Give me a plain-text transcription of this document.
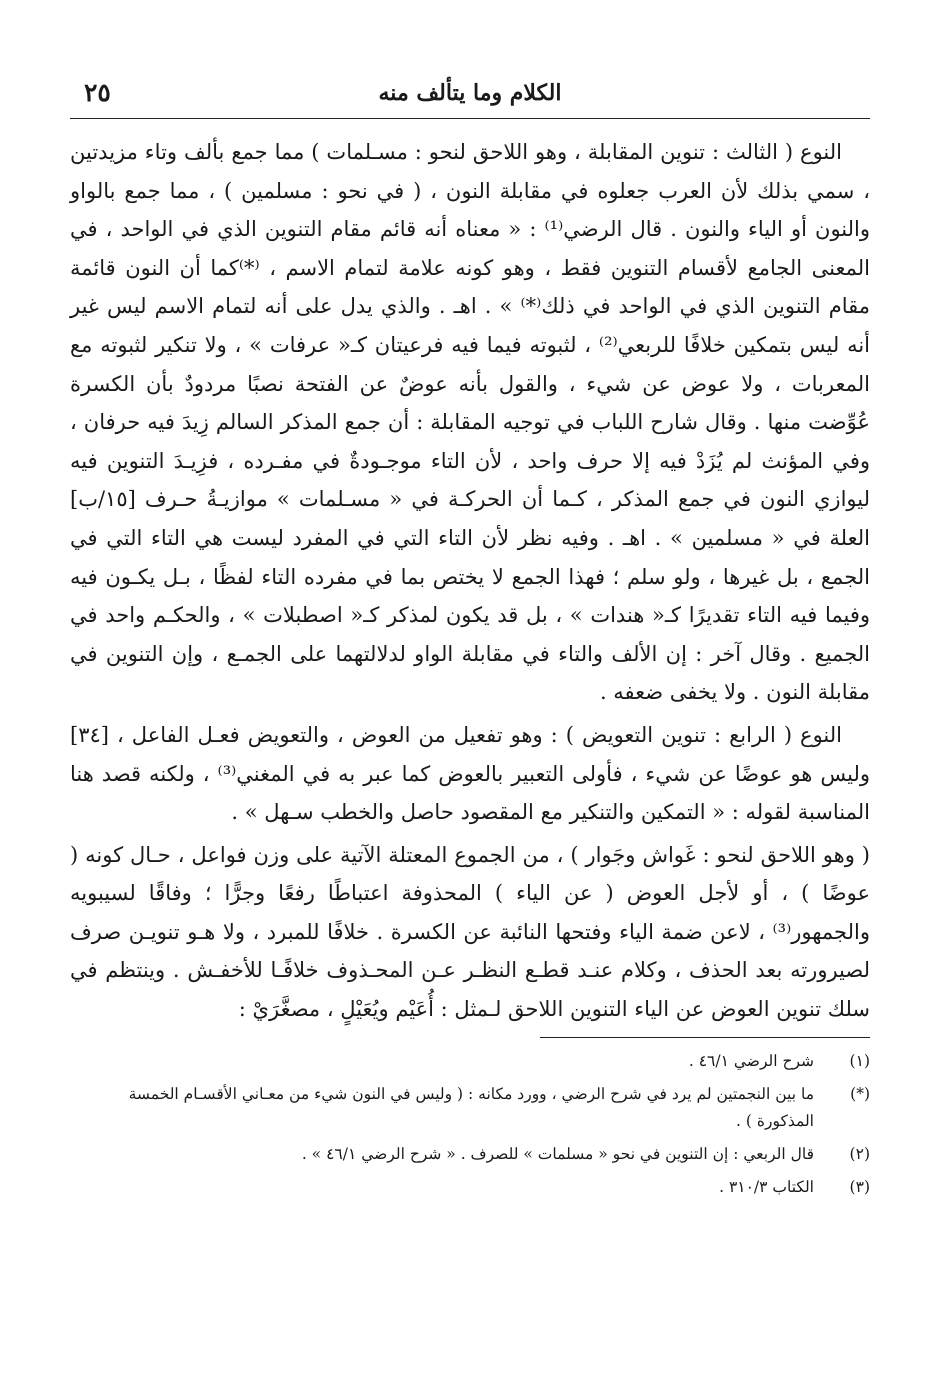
الكلام وما يتألف منه
٢٥

النوع ( الثالث : تنوين المقابلة ، وهو اللاحق لنحو : مسـلمات ) مما جمع بألف وتاء مزيدتين ، سمي بذلك لأن العرب جعلوه في مقابلة النون ، ( في نحو : مسلمين ) ، مما جمع بالواو والنون أو الياء والنون . قال الرضي⁽¹⁾ : « معناه أنه قائم مقام التنوين الذي في الواحد ، في المعنى الجامع لأقسام التنوين فقط ، وهو كونه علامة لتمام الاسم ، ⁽*⁾كما أن النون قائمة مقام التنوين الذي في الواحد في ذلك⁽*⁾ » . اهـ . والذي يدل على أنه لتمام الاسم ليس غير أنه ليس بتمكين خلافًا للربعي⁽²⁾ ، لثبوته فيما فيه فرعيتان كـ« عرفات » ، ولا تنكير لثبوته مع المعربات ، ولا عوض عن شيء ، والقول بأنه عوضٌ عن الفتحة نصبًا مردودٌ بأن الكسرة عُوِّضت منها . وقال شارح اللباب في توجيه المقابلة : أن جمع المذكر السالم زِيدَ فيه حرفان ، وفي المؤنث لم يُزَدْ فيه إلا حرف واحد ، لأن التاء موجـودةٌ في مفـرده ، فزِيـدَ التنوين فيه ليوازي النون في جمع المذكر ، كـما أن الحركـة في « مسـلمات » موازيـةُ حـرف [١٥/ب] العلة في « مسلمين » . اهـ . وفيه نظر لأن التاء التي في المفرد ليست هي التاء التي في الجمع ، بل غيرها ، ولو سلم ؛ فهذا الجمع لا يختص بما في مفرده التاء لفظًا ، بـل يكـون فيه وفيما فيه التاء تقديرًا كـ« هندات » ، بل قد يكون لمذكر كـ« اصطبلات » ، والحكـم واحد في الجميع . وقال آخر : إن الألف والتاء في مقابلة الواو لدلالتهما على الجمـع ، وإن التنوين في مقابلة النون . ولا يخفى ضعفه .

النوع ( الرابع : تنوين التعويض ) : وهو تفعيل من العوض ، والتعويض فعـل الفاعل ، [٣٤] وليس هو عوضًا عن شيء ، فأولى التعبير بالعوض كما عبر به في المغني⁽³⁾ ، ولكنه قصد هنا المناسبة لقوله : « التمكين والتنكير مع المقصود حاصل والخطب سـهل » .

( وهو اللاحق لنحو : غَواش وجَوار ) ، من الجموع المعتلة الآتية على وزن فواعل ، حـال كونه ( عوضًا ) ، أو لأجل العوض ( عن الياء ) المحذوفة اعتباطًا رفعًا وجرًّا ؛ وفاقًا لسيبويه والجمهور⁽³⁾ ، لاعن ضمة الياء وفتحها النائبة عن الكسرة . خلافًا للمبرد ، ولا هـو تنويـن صرف لصيرورته بعد الحذف ، وكلام عنـد قطـع النظـر عـن المحـذوف خلافًـا للأخفـش . وينتظم في سلك تنوين العوض عن الياء التنوين اللاحق لـمثل : أُعَيْم ويُعَيْلٍ ، مصغَّرَيْ :

(١)
شرح الرضي ٤٦/١ .
(*)
ما بين النجمتين لم يرد في شرح الرضي ، وورد مكانه : ( وليس في النون شيء من معـاني الأقسـام الخمسة المذكورة ) .
(٢)
قال الربعي : إن التنوين في نحو « مسلمات » للصرف . « شرح الرضي ٤٦/١ » .
(٣)
الكتاب ٣١٠/٣ .
